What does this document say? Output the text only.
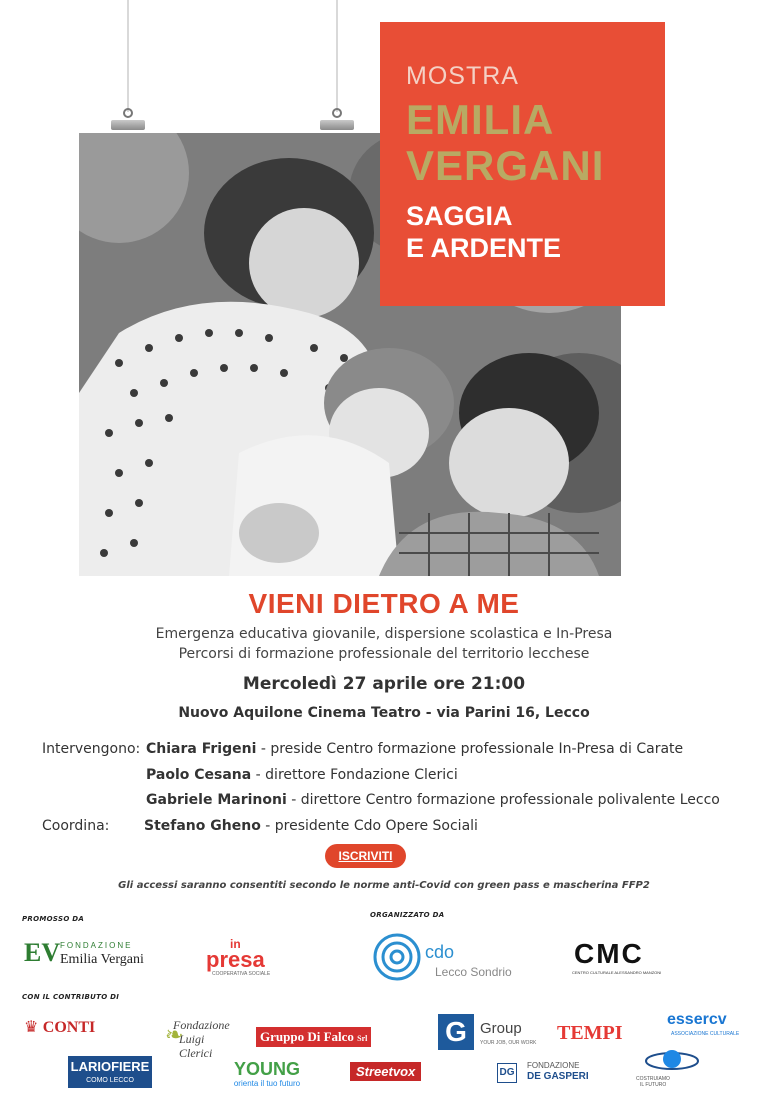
MOSTRA
EMILIA
VERGANI
SAGGIA
E ARDENTE
VIENI DIETRO A ME
Emergenza educativa giovanile, dispersione scolastica e In-Presa
Percorsi di formazione professionale del territorio lecchese
Mercoledì 27 aprile ore 21:00
Nuovo Aquilone Cinema Teatro - via Parini 16, Lecco
Intervengono: Chiara Frigeni - preside Centro formazione professionale In-Presa di Carate
Paolo Cesana - direttore Fondazione Clerici
Gabriele Marinoni - direttore Centro formazione professionale polivalente Lecco
Coordina: Stefano Gheno - presidente Cdo Opere Sociali
ISCRIVITI
Gli accessi saranno consentiti secondo le norme anti-Covid con green pass e mascherina FFP2
PROMOSSO DA	ORGANIZZATO DA
CON IL CONTRIBUTO DI
EV FONDAZIONE
Emilia Vergani
in
presa
COOPERATIVA SOCIALE
cdo
Lecco Sondrio
CMC
CENTRO CULTURALE ALESSANDRO MANZONI
♛ CONTI	Fondazione
Luigi
Clerici
❧	Gruppo Di Falco Srl	G Group
YOUR JOB, OUR WORK TEMPI
essercv
ASSOCIAZIONE CULTURALE
LARIOFIERE
COMO LECCO
YOUNG
orienta il tuo futuro
Streetvox	DG
FONDAZIONE
DE GASPERI	COSTRUIAMO
IL FUTURO
